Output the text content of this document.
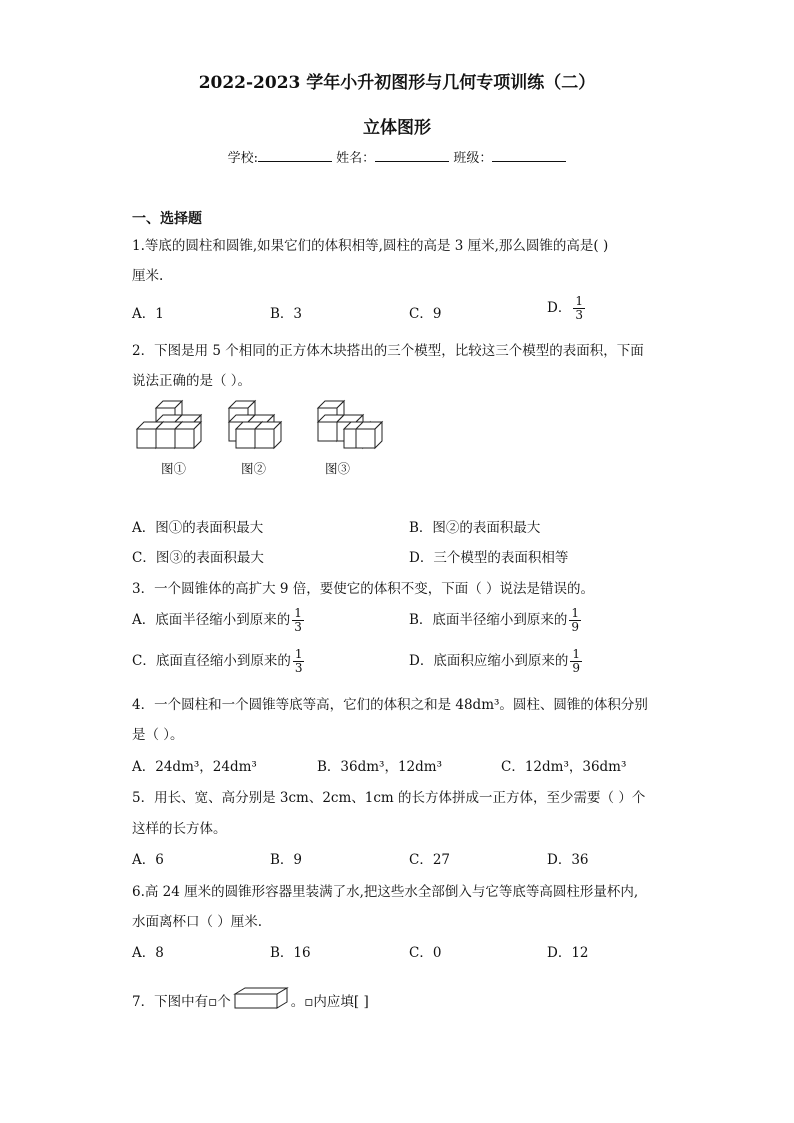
2022-2023 学年小升初图形与几何专项训练（二）
立体图形
学校:	姓名：	班级：
一、选择题
1.等底的圆柱和圆锥,如果它们的体积相等,圆柱的高是 3 厘米,那么圆锥的高是( )
厘米.
A．1	B．3	C．9	D． $\frac{1}{3}$
2．下图是用 5 个相同的正方体木块搭出的三个模型，比较这三个模型的表面积，下面
说法正确的是（ ）。
图①	图②	图③
A．图①的表面积最大	B．图②的表面积最大
C．图③的表面积最大	D．三个模型的表面积相等
3．一个圆锥体的高扩大 9 倍，要使它的体积不变，下面（ ）说法是错误的。
A．底面半径缩小到原来的 $\frac{1}{3}$	B．底面半径缩小到原来的 $\frac{1}{9}$
C．底面直径缩小到原来的 $\frac{1}{3}$	D．底面积应缩小到原来的 $\frac{1}{9}$
4．一个圆柱和一个圆锥等底等高，它们的体积之和是 48dm³。圆柱、圆锥的体积分别
是（ ）。
A．24dm³，24dm³	B．36dm³，12dm³	C．12dm³，36dm³
5．用长、宽、高分别是 3cm、2cm、1cm 的长方体拼成一正方体，至少需要（ ）个
这样的长方体。
A．6	B．9	C．27	D．36
6.高 24 厘米的圆锥形容器里装满了水,把这些水全部倒入与它等底等高圆柱形量杯内,
水面离杯口（ ）厘米.
A．8	B．16	C．0	D．12
7．下图中有▫个	。▫内应填[ ]
